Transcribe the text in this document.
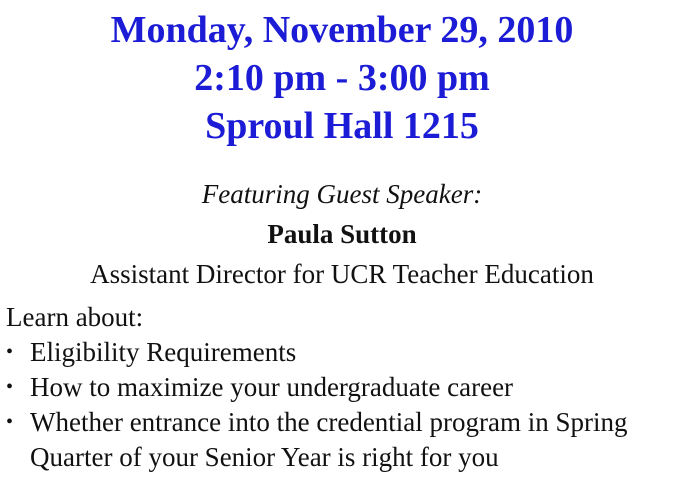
Monday, November 29, 2010
2:10 pm - 3:00 pm
Sproul Hall 1215
Featuring Guest Speaker:
Paula Sutton
Assistant Director for UCR Teacher Education
Learn about:
• Eligibility Requirements
• How to maximize your undergraduate career
• Whether entrance into the credential program in Spring Quarter of your Senior Year is right for you
